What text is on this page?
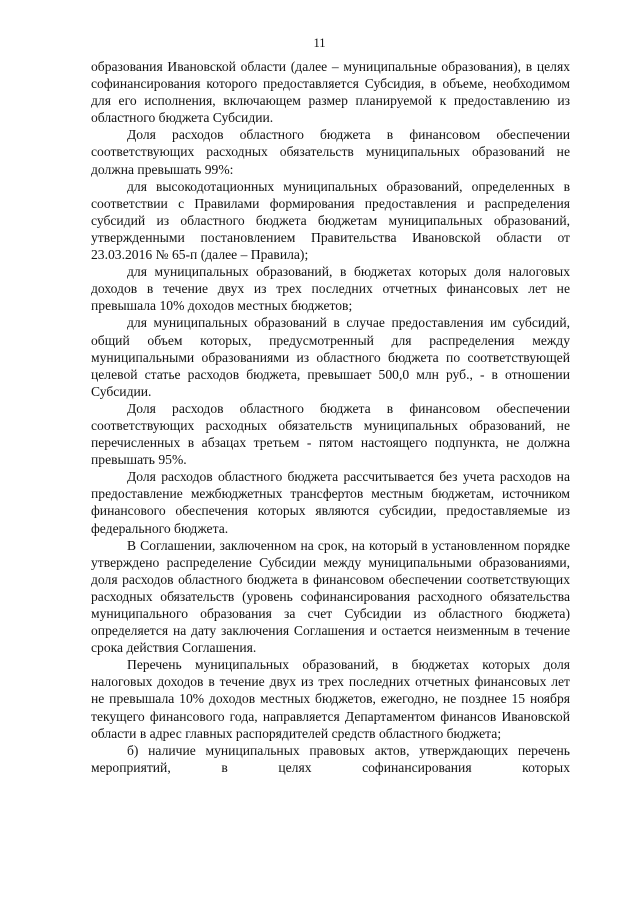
11

образования Ивановской области (далее – муниципальные образования), в целях софинансирования которого предоставляется Субсидия, в объеме, необходимом для его исполнения, включающем размер планируемой к предоставлению из областного бюджета Субсидии.

Доля расходов областного бюджета в финансовом обеспечении соответствующих расходных обязательств муниципальных образований не должна превышать 99%:

для высокодотационных муниципальных образований, определенных в соответствии с Правилами формирования предоставления и распределения субсидий из областного бюджета бюджетам муниципальных образований, утвержденными постановлением Правительства Ивановской области от 23.03.2016 № 65-п (далее – Правила);

для муниципальных образований, в бюджетах которых доля налоговых доходов в течение двух из трех последних отчетных финансовых лет не превышала 10% доходов местных бюджетов;

для муниципальных образований в случае предоставления им субсидий, общий объем которых, предусмотренный для распределения между муниципальными образованиями из областного бюджета по соответствующей целевой статье расходов бюджета, превышает 500,0 млн руб., - в отношении Субсидии.

Доля расходов областного бюджета в финансовом обеспечении соответствующих расходных обязательств муниципальных образований, не перечисленных в абзацах третьем - пятом настоящего подпункта, не должна превышать 95%.

Доля расходов областного бюджета рассчитывается без учета расходов на предоставление межбюджетных трансфертов местным бюджетам, источником финансового обеспечения которых являются субсидии, предоставляемые из федерального бюджета.

В Соглашении, заключенном на срок, на который в установленном порядке утверждено распределение Субсидии между муниципальными образованиями, доля расходов областного бюджета в финансовом обеспечении соответствующих расходных обязательств (уровень софинансирования расходного обязательства муниципального образования за счет Субсидии из областного бюджета) определяется на дату заключения Соглашения и остается неизменным в течение срока действия Соглашения.

Перечень муниципальных образований, в бюджетах которых доля налоговых доходов в течение двух из трех последних отчетных финансовых лет не превышала 10% доходов местных бюджетов, ежегодно, не позднее 15 ноября текущего финансового года, направляется Департаментом финансов Ивановской области в адрес главных распорядителей средств областного бюджета;

б) наличие муниципальных правовых актов, утверждающих перечень мероприятий, в целях софинансирования которых
